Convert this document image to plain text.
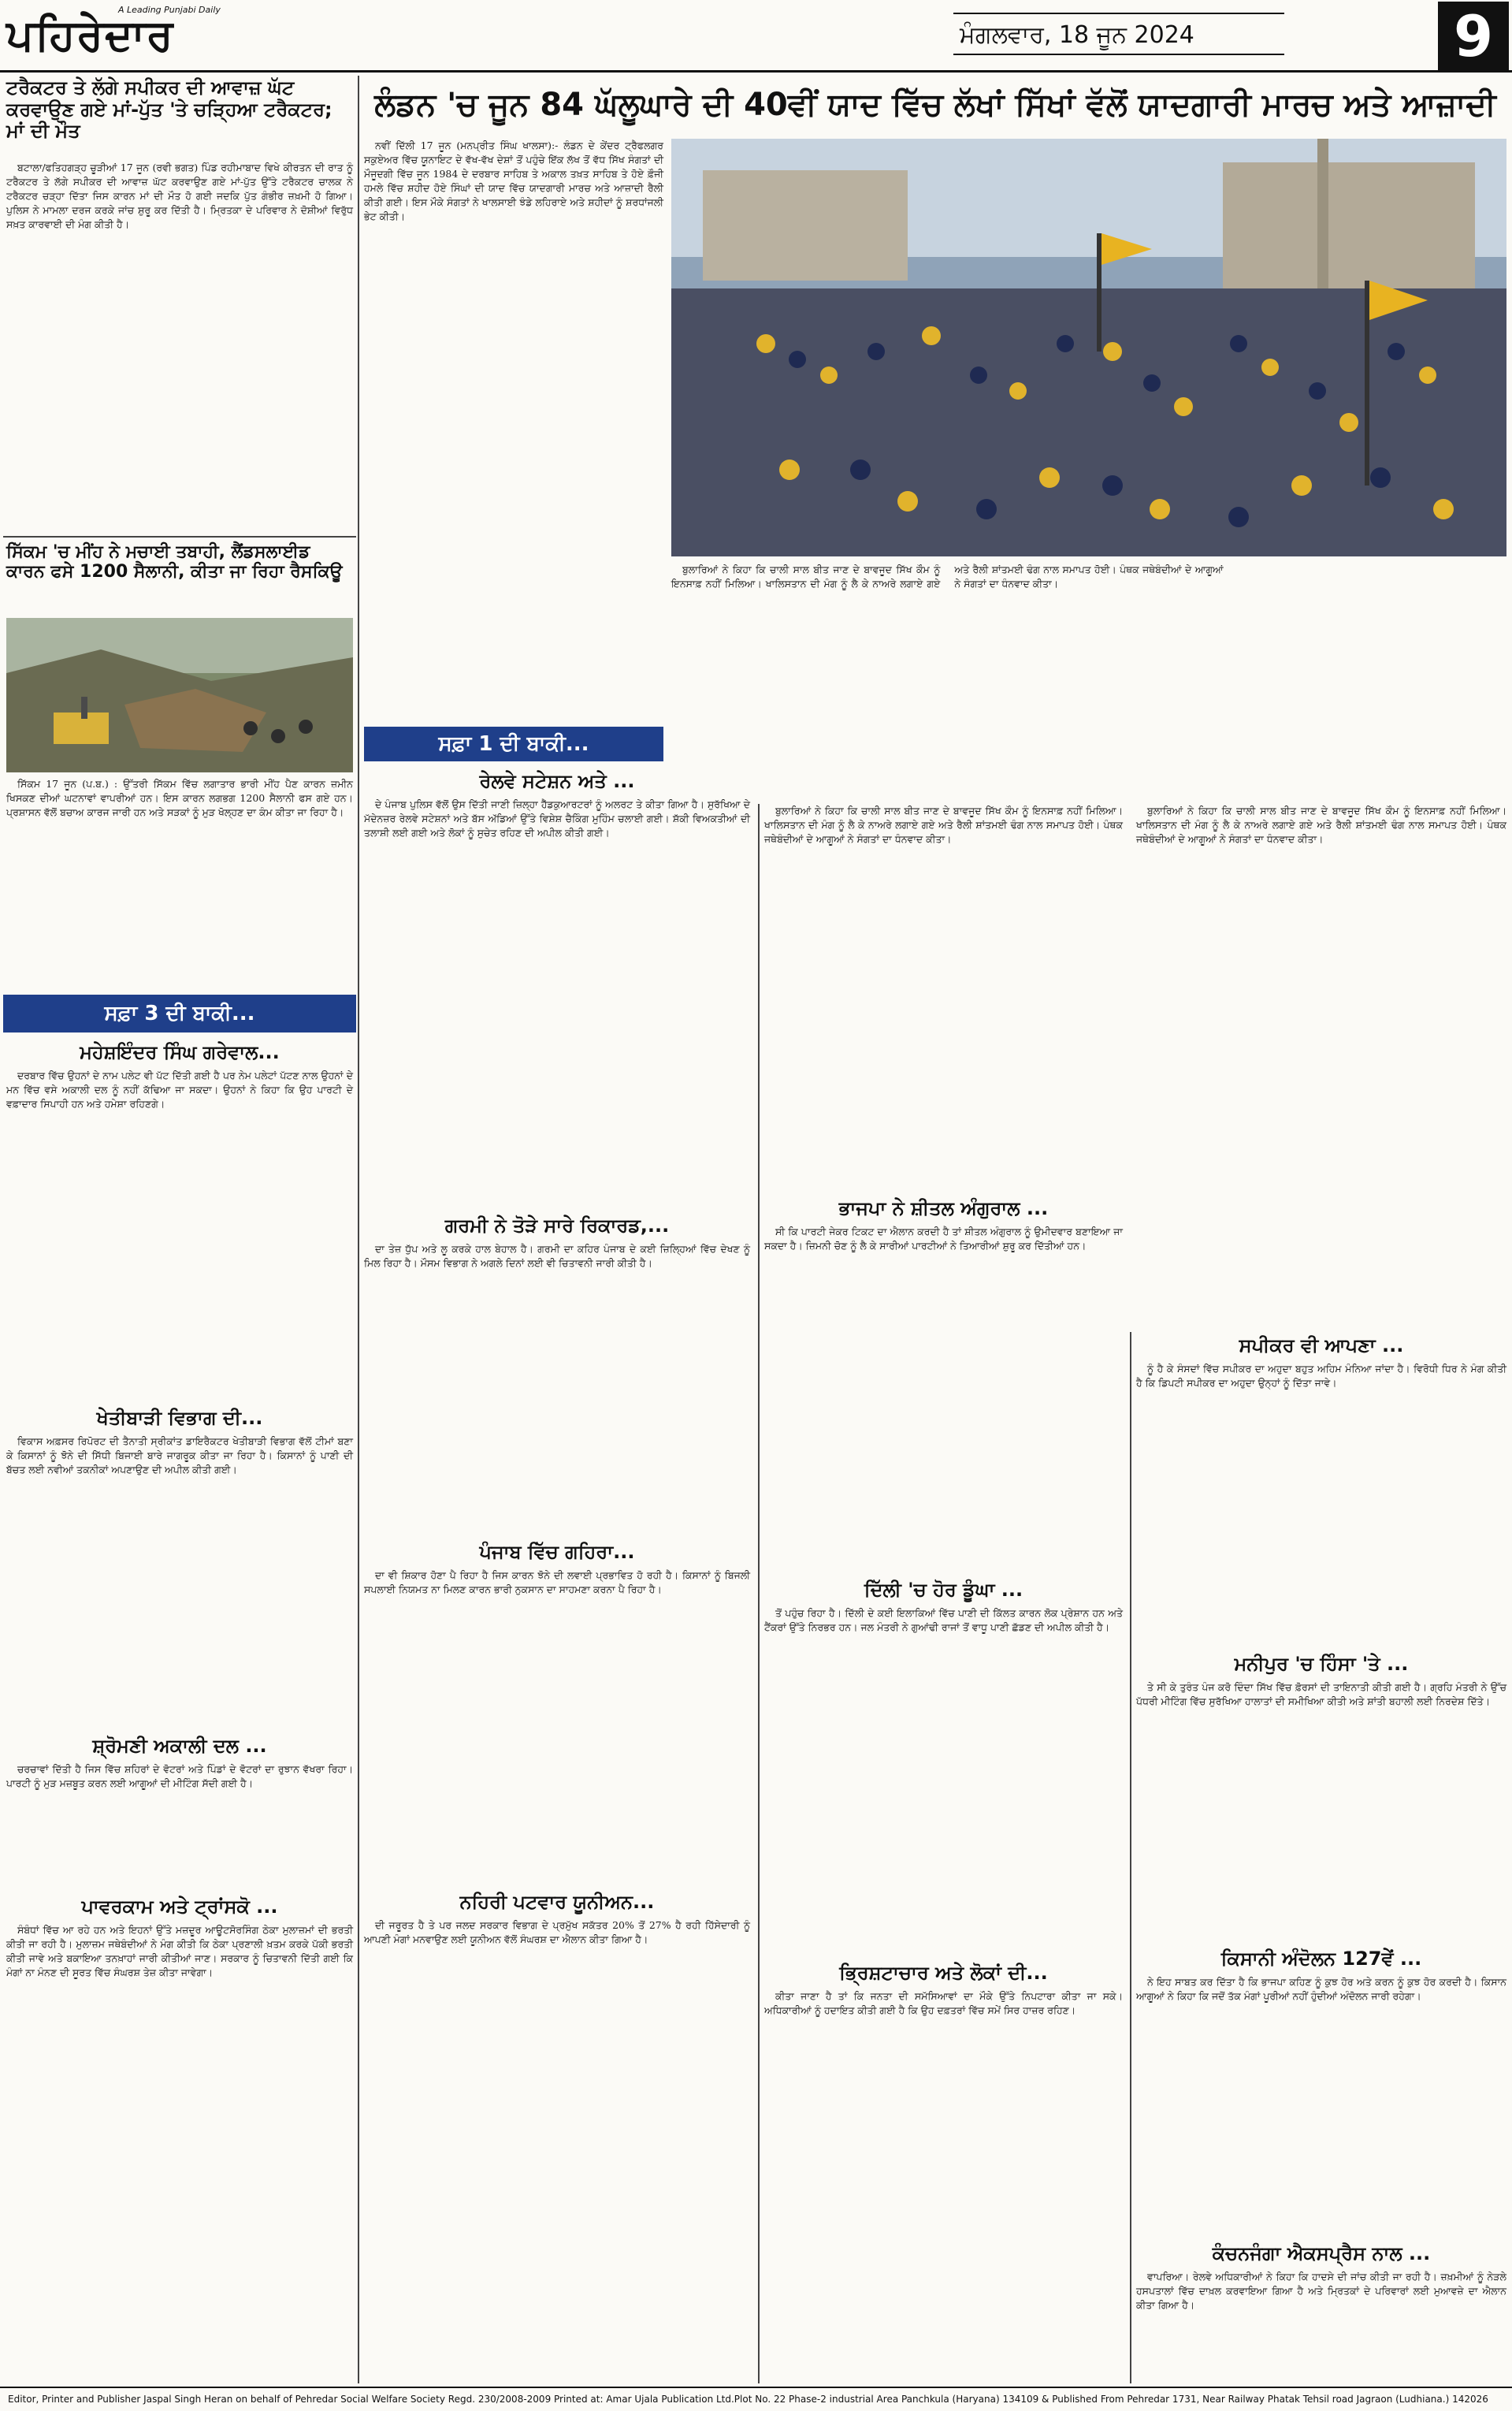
ਪਹਿਰੇਦਾਰ
A Leading Punjabi Daily
ਮੰਗਲਵਾਰ, 18 ਜੂਨ 2024	9
ਟਰੈਕਟਰ ਤੇ ਲੱਗੇ ਸਪੀਕਰ ਦੀ ਆਵਾਜ਼ ਘੱਟ ਕਰਵਾਉਣ ਗਏ ਮਾਂ-ਪੁੱਤ 'ਤੇ ਚੜ੍ਹਿਆ ਟਰੈਕਟਰ; ਮਾਂ ਦੀ ਮੌਤ

ਬਟਾਲਾ/ਫਤਿਹਗੜ੍ਹ ਚੂੜੀਆਂ 17 ਜੂਨ (ਰਵੀ ਭਗਤ) ਪਿੰਡ ਰਹੀਮਾਬਾਦ ਵਿਖੇ ਕੀਰਤਨ ਦੀ ਰਾਤ ਨੂੰ ਟਰੈਕਟਰ ਤੇ ਲੱਗੇ ਸਪੀਕਰ ਦੀ ਆਵਾਜ਼ ਘੱਟ ਕਰਵਾਉਣ ਗਏ ਮਾਂ-ਪੁੱਤ ਉੱਤੇ ਟਰੈਕਟਰ ਚਾਲਕ ਨੇ ਟਰੈਕਟਰ ਚੜ੍ਹਾ ਦਿੱਤਾ ਜਿਸ ਕਾਰਨ ਮਾਂ ਦੀ ਮੌਤ ਹੋ ਗਈ ਜਦਕਿ ਪੁੱਤ ਗੰਭੀਰ ਜ਼ਖ਼ਮੀ ਹੋ ਗਿਆ। ਪੁਲਿਸ ਨੇ ਮਾਮਲਾ ਦਰਜ ਕਰਕੇ ਜਾਂਚ ਸ਼ੁਰੂ ਕਰ ਦਿੱਤੀ ਹੈ। ਮ੍ਰਿਤਕਾ ਦੇ ਪਰਿਵਾਰ ਨੇ ਦੋਸ਼ੀਆਂ ਵਿਰੁੱਧ ਸਖ਼ਤ ਕਾਰਵਾਈ ਦੀ ਮੰਗ ਕੀਤੀ ਹੈ।

ਸਿੱਕਮ 'ਚ ਮੀਂਹ ਨੇ ਮਚਾਈ ਤਬਾਹੀ, ਲੈਂਡਸਲਾਈਡ ਕਾਰਨ ਫਸੇ 1200 ਸੈਲਾਨੀ, ਕੀਤਾ ਜਾ ਰਿਹਾ ਰੈਸਕਿਊ

ਸਿੱਕਮ 17 ਜੂਨ (ਪ.ਬ.) : ਉੱਤਰੀ ਸਿੱਕਮ ਵਿੱਚ ਲਗਾਤਾਰ ਭਾਰੀ ਮੀਂਹ ਪੈਣ ਕਾਰਨ ਜ਼ਮੀਨ ਖਿਸਕਣ ਦੀਆਂ ਘਟਨਾਵਾਂ ਵਾਪਰੀਆਂ ਹਨ। ਇਸ ਕਾਰਨ ਲਗਭਗ 1200 ਸੈਲਾਨੀ ਫਸ ਗਏ ਹਨ। ਪ੍ਰਸ਼ਾਸਨ ਵੱਲੋਂ ਬਚਾਅ ਕਾਰਜ ਜਾਰੀ ਹਨ ਅਤੇ ਸੜਕਾਂ ਨੂੰ ਮੁੜ ਖੋਲ੍ਹਣ ਦਾ ਕੰਮ ਕੀਤਾ ਜਾ ਰਿਹਾ ਹੈ।

ਸਫ਼ਾ 3 ਦੀ ਬਾਕੀ...
ਮਹੇਸ਼ਇੰਦਰ ਸਿੰਘ ਗਰੇਵਾਲ...

ਦਰਬਾਰ ਵਿੱਚ ਉਹਨਾਂ ਦੇ ਨਾਮ ਪਲੇਟ ਵੀ ਪੱਟ ਦਿੱਤੀ ਗਈ ਹੈ ਪਰ ਨੇਮ ਪਲੇਟਾਂ ਪੱਟਣ ਨਾਲ ਉਹਨਾਂ ਦੇ ਮਨ ਵਿੱਚ ਵਸੇ ਅਕਾਲੀ ਦਲ ਨੂੰ ਨਹੀਂ ਕੱਢਿਆ ਜਾ ਸਕਦਾ। ਉਹਨਾਂ ਨੇ ਕਿਹਾ ਕਿ ਉਹ ਪਾਰਟੀ ਦੇ ਵਫ਼ਾਦਾਰ ਸਿਪਾਹੀ ਹਨ ਅਤੇ ਹਮੇਸ਼ਾ ਰਹਿਣਗੇ।

ਖੇਤੀਬਾੜੀ ਵਿਭਾਗ ਦੀ...

ਵਿਕਾਸ ਅਫ਼ਸਰ ਰਿਪੋਰਟ ਦੀ ਤੈਨਾਤੀ ਸ੍ਰੀਕਾਂਤ ਡਾਇਰੈਕਟਰ ਖੇਤੀਬਾੜੀ ਵਿਭਾਗ ਵੱਲੋਂ ਟੀਮਾਂ ਬਣਾ ਕੇ ਕਿਸਾਨਾਂ ਨੂੰ ਝੋਨੇ ਦੀ ਸਿੱਧੀ ਬਿਜਾਈ ਬਾਰੇ ਜਾਗਰੂਕ ਕੀਤਾ ਜਾ ਰਿਹਾ ਹੈ। ਕਿਸਾਨਾਂ ਨੂੰ ਪਾਣੀ ਦੀ ਬੱਚਤ ਲਈ ਨਵੀਆਂ ਤਕਨੀਕਾਂ ਅਪਣਾਉਣ ਦੀ ਅਪੀਲ ਕੀਤੀ ਗਈ।

ਸ਼੍ਰੋਮਣੀ ਅਕਾਲੀ ਦਲ ...

ਚਰਚਾਵਾਂ ਦਿੱਤੀ ਹੈ ਜਿਸ ਵਿੱਚ ਸ਼ਹਿਰਾਂ ਦੇ ਵੋਟਰਾਂ ਅਤੇ ਪਿੰਡਾਂ ਦੇ ਵੋਟਰਾਂ ਦਾ ਰੁਝਾਨ ਵੱਖਰਾ ਰਿਹਾ। ਪਾਰਟੀ ਨੂੰ ਮੁੜ ਮਜ਼ਬੂਤ ਕਰਨ ਲਈ ਆਗੂਆਂ ਦੀ ਮੀਟਿੰਗ ਸੱਦੀ ਗਈ ਹੈ।

ਪਾਵਰਕਾਮ ਅਤੇ ਟ੍ਰਾਂਸਕੋ ...

ਸੰਬੰਧਾਂ ਵਿੱਚ ਆ ਰਹੇ ਹਨ ਅਤੇ ਇਹਨਾਂ ਉੱਤੇ ਮਜ਼ਦੂਰ ਆਊਟਸੋਰਸਿੰਗ ਠੇਕਾ ਮੁਲਾਜ਼ਮਾਂ ਦੀ ਭਰਤੀ ਕੀਤੀ ਜਾ ਰਹੀ ਹੈ। ਮੁਲਾਜ਼ਮ ਜਥੇਬੰਦੀਆਂ ਨੇ ਮੰਗ ਕੀਤੀ ਕਿ ਠੇਕਾ ਪ੍ਰਣਾਲੀ ਖ਼ਤਮ ਕਰਕੇ ਪੱਕੀ ਭਰਤੀ ਕੀਤੀ ਜਾਵੇ ਅਤੇ ਬਕਾਇਆ ਤਨਖ਼ਾਹਾਂ ਜਾਰੀ ਕੀਤੀਆਂ ਜਾਣ। ਸਰਕਾਰ ਨੂੰ ਚਿਤਾਵਨੀ ਦਿੱਤੀ ਗਈ ਕਿ ਮੰਗਾਂ ਨਾ ਮੰਨਣ ਦੀ ਸੂਰਤ ਵਿੱਚ ਸੰਘਰਸ਼ ਤੇਜ਼ ਕੀਤਾ ਜਾਵੇਗਾ।

ਲੰਡਨ 'ਚ ਜੂਨ 84 ਘੱਲੂਘਾਰੇ ਦੀ 40ਵੀਂ ਯਾਦ ਵਿੱਚ ਲੱਖਾਂ ਸਿੱਖਾਂ ਵੱਲੋਂ ਯਾਦਗਾਰੀ ਮਾਰਚ ਅਤੇ ਆਜ਼ਾਦੀ

ਨਵੀਂ ਦਿੱਲੀ 17 ਜੂਨ (ਮਨਪ੍ਰੀਤ ਸਿੰਘ ਖਾਲਸਾ):- ਲੰਡਨ ਦੇ ਕੇਂਦਰ ਟ੍ਰੈਫਲਗਰ ਸਕੁਏਅਰ ਵਿੱਚ ਯੂਨਾਇਟ ਦੇ ਵੱਖ-ਵੱਖ ਦੇਸ਼ਾਂ ਤੋਂ ਪਹੁੰਚੇ ਇੱਕ ਲੱਖ ਤੋਂ ਵੱਧ ਸਿੱਖ ਸੰਗਤਾਂ ਦੀ ਮੌਜੂਦਗੀ ਵਿੱਚ ਜੂਨ 1984 ਦੇ ਦਰਬਾਰ ਸਾਹਿਬ ਤੇ ਅਕਾਲ ਤਖ਼ਤ ਸਾਹਿਬ ਤੇ ਹੋਏ ਫ਼ੌਜੀ ਹਮਲੇ ਵਿੱਚ ਸ਼ਹੀਦ ਹੋਏ ਸਿੰਘਾਂ ਦੀ ਯਾਦ ਵਿੱਚ ਯਾਦਗਾਰੀ ਮਾਰਚ ਅਤੇ ਆਜ਼ਾਦੀ ਰੈਲੀ ਕੀਤੀ ਗਈ। ਇਸ ਮੌਕੇ ਸੰਗਤਾਂ ਨੇ ਖਾਲਸਾਈ ਝੰਡੇ ਲਹਿਰਾਏ ਅਤੇ ਸ਼ਹੀਦਾਂ ਨੂੰ ਸ਼ਰਧਾਂਜਲੀ ਭੇਟ ਕੀਤੀ।

ਬੁਲਾਰਿਆਂ ਨੇ ਕਿਹਾ ਕਿ ਚਾਲੀ ਸਾਲ ਬੀਤ ਜਾਣ ਦੇ ਬਾਵਜੂਦ ਸਿੱਖ ਕੌਮ ਨੂੰ ਇਨਸਾਫ਼ ਨਹੀਂ ਮਿਲਿਆ। ਖਾਲਿਸਤਾਨ ਦੀ ਮੰਗ ਨੂੰ ਲੈ ਕੇ ਨਾਅਰੇ ਲਗਾਏ ਗਏ ਅਤੇ ਰੈਲੀ ਸ਼ਾਂਤਮਈ ਢੰਗ ਨਾਲ ਸਮਾਪਤ ਹੋਈ। ਪੰਥਕ ਜਥੇਬੰਦੀਆਂ ਦੇ ਆਗੂਆਂ ਨੇ ਸੰਗਤਾਂ ਦਾ ਧੰਨਵਾਦ ਕੀਤਾ।

ਸਫ਼ਾ 1 ਦੀ ਬਾਕੀ...
ਰੇਲਵੇ ਸਟੇਸ਼ਨ ਅਤੇ ...

ਦੇ ਪੰਜਾਬ ਪੁਲਿਸ ਵੱਲੋਂ ਉਸ ਦਿੱਤੀ ਜਾਣੀ ਜ਼ਿਲ੍ਹਾ ਹੈੱਡਕੁਆਰਟਰਾਂ ਨੂੰ ਅਲਰਟ ਤੇ ਕੀਤਾ ਗਿਆ ਹੈ। ਸੁਰੱਖਿਆ ਦੇ ਮੱਦੇਨਜ਼ਰ ਰੇਲਵੇ ਸਟੇਸ਼ਨਾਂ ਅਤੇ ਬੱਸ ਅੱਡਿਆਂ ਉੱਤੇ ਵਿਸ਼ੇਸ਼ ਚੈਕਿੰਗ ਮੁਹਿੰਮ ਚਲਾਈ ਗਈ। ਸ਼ੱਕੀ ਵਿਅਕਤੀਆਂ ਦੀ ਤਲਾਸ਼ੀ ਲਈ ਗਈ ਅਤੇ ਲੋਕਾਂ ਨੂੰ ਸੁਚੇਤ ਰਹਿਣ ਦੀ ਅਪੀਲ ਕੀਤੀ ਗਈ।

ਗਰਮੀ ਨੇ ਤੋੜੇ ਸਾਰੇ ਰਿਕਾਰਡ,...

ਦਾ ਤੇਜ਼ ਧੁੱਪ ਅਤੇ ਲੂ ਕਰਕੇ ਹਾਲ ਬੇਹਾਲ ਹੈ। ਗਰਮੀ ਦਾ ਕਹਿਰ ਪੰਜਾਬ ਦੇ ਕਈ ਜ਼ਿਲ੍ਹਿਆਂ ਵਿੱਚ ਦੇਖਣ ਨੂੰ ਮਿਲ ਰਿਹਾ ਹੈ। ਮੌਸਮ ਵਿਭਾਗ ਨੇ ਅਗਲੇ ਦਿਨਾਂ ਲਈ ਵੀ ਚਿਤਾਵਨੀ ਜਾਰੀ ਕੀਤੀ ਹੈ।

ਪੰਜਾਬ ਵਿੱਚ ਗਹਿਰਾ...

ਦਾ ਵੀ ਸ਼ਿਕਾਰ ਹੋਣਾ ਪੈ ਰਿਹਾ ਹੈ ਜਿਸ ਕਾਰਨ ਝੋਨੇ ਦੀ ਲਵਾਈ ਪ੍ਰਭਾਵਿਤ ਹੋ ਰਹੀ ਹੈ। ਕਿਸਾਨਾਂ ਨੂੰ ਬਿਜਲੀ ਸਪਲਾਈ ਨਿਯਮਤ ਨਾ ਮਿਲਣ ਕਾਰਨ ਭਾਰੀ ਨੁਕਸਾਨ ਦਾ ਸਾਹਮਣਾ ਕਰਨਾ ਪੈ ਰਿਹਾ ਹੈ।

ਨਹਿਰੀ ਪਟਵਾਰ ਯੂਨੀਅਨ...

ਦੀ ਜਰੂਰਤ ਹੈ ਤੇ ਪਰ ਜਲਦ ਸਰਕਾਰ ਵਿਭਾਗ ਦੇ ਪ੍ਰਮੁੱਖ ਸਕੱਤਰ 20% ਤੋਂ 27% ਹੈ ਰਹੀ ਹਿੱਸੇਦਾਰੀ ਨੂੰ ਆਪਣੀ ਮੰਗਾਂ ਮਨਵਾਉਣ ਲਈ ਯੂਨੀਅਨ ਵੱਲੋਂ ਸੰਘਰਸ਼ ਦਾ ਐਲਾਨ ਕੀਤਾ ਗਿਆ ਹੈ।

ਬੁਲਾਰਿਆਂ ਨੇ ਕਿਹਾ ਕਿ ਚਾਲੀ ਸਾਲ ਬੀਤ ਜਾਣ ਦੇ ਬਾਵਜੂਦ ਸਿੱਖ ਕੌਮ ਨੂੰ ਇਨਸਾਫ਼ ਨਹੀਂ ਮਿਲਿਆ। ਖਾਲਿਸਤਾਨ ਦੀ ਮੰਗ ਨੂੰ ਲੈ ਕੇ ਨਾਅਰੇ ਲਗਾਏ ਗਏ ਅਤੇ ਰੈਲੀ ਸ਼ਾਂਤਮਈ ਢੰਗ ਨਾਲ ਸਮਾਪਤ ਹੋਈ। ਪੰਥਕ ਜਥੇਬੰਦੀਆਂ ਦੇ ਆਗੂਆਂ ਨੇ ਸੰਗਤਾਂ ਦਾ ਧੰਨਵਾਦ ਕੀਤਾ।

ਭਾਜਪਾ ਨੇ ਸ਼ੀਤਲ ਅੰਗੁਰਾਲ ...

ਸੀ ਕਿ ਪਾਰਟੀ ਜੇਕਰ ਟਿਕਟ ਦਾ ਐਲਾਨ ਕਰਦੀ ਹੈ ਤਾਂ ਸ਼ੀਤਲ ਅੰਗੁਰਾਲ ਨੂੰ ਉਮੀਦਵਾਰ ਬਣਾਇਆ ਜਾ ਸਕਦਾ ਹੈ। ਜ਼ਿਮਨੀ ਚੋਣ ਨੂੰ ਲੈ ਕੇ ਸਾਰੀਆਂ ਪਾਰਟੀਆਂ ਨੇ ਤਿਆਰੀਆਂ ਸ਼ੁਰੂ ਕਰ ਦਿੱਤੀਆਂ ਹਨ।

ਦਿੱਲੀ 'ਚ ਹੋਰ ਡੂੰਘਾ ...

ਤੋਂ ਪਹੁੰਚ ਰਿਹਾ ਹੈ। ਦਿੱਲੀ ਦੇ ਕਈ ਇਲਾਕਿਆਂ ਵਿੱਚ ਪਾਣੀ ਦੀ ਕਿੱਲਤ ਕਾਰਨ ਲੋਕ ਪ੍ਰੇਸ਼ਾਨ ਹਨ ਅਤੇ ਟੈਂਕਰਾਂ ਉੱਤੇ ਨਿਰਭਰ ਹਨ। ਜਲ ਮੰਤਰੀ ਨੇ ਗੁਆਂਢੀ ਰਾਜਾਂ ਤੋਂ ਵਾਧੂ ਪਾਣੀ ਛੱਡਣ ਦੀ ਅਪੀਲ ਕੀਤੀ ਹੈ।

ਭ੍ਰਿਸ਼ਟਾਚਾਰ ਅਤੇ ਲੋਕਾਂ ਦੀ...

ਕੀਤਾ ਜਾਣਾ ਹੈ ਤਾਂ ਕਿ ਜਨਤਾ ਦੀ ਸਮੱਸਿਆਵਾਂ ਦਾ ਮੌਕੇ ਉੱਤੇ ਨਿਪਟਾਰਾ ਕੀਤਾ ਜਾ ਸਕੇ। ਅਧਿਕਾਰੀਆਂ ਨੂੰ ਹਦਾਇਤ ਕੀਤੀ ਗਈ ਹੈ ਕਿ ਉਹ ਦਫ਼ਤਰਾਂ ਵਿੱਚ ਸਮੇਂ ਸਿਰ ਹਾਜ਼ਰ ਰਹਿਣ।

ਬੁਲਾਰਿਆਂ ਨੇ ਕਿਹਾ ਕਿ ਚਾਲੀ ਸਾਲ ਬੀਤ ਜਾਣ ਦੇ ਬਾਵਜੂਦ ਸਿੱਖ ਕੌਮ ਨੂੰ ਇਨਸਾਫ਼ ਨਹੀਂ ਮਿਲਿਆ। ਖਾਲਿਸਤਾਨ ਦੀ ਮੰਗ ਨੂੰ ਲੈ ਕੇ ਨਾਅਰੇ ਲਗਾਏ ਗਏ ਅਤੇ ਰੈਲੀ ਸ਼ਾਂਤਮਈ ਢੰਗ ਨਾਲ ਸਮਾਪਤ ਹੋਈ। ਪੰਥਕ ਜਥੇਬੰਦੀਆਂ ਦੇ ਆਗੂਆਂ ਨੇ ਸੰਗਤਾਂ ਦਾ ਧੰਨਵਾਦ ਕੀਤਾ।

ਸਪੀਕਰ ਵੀ ਆਪਣਾ ...

ਨੂੰ ਹੈ ਕੇ ਸੰਸਦਾਂ ਵਿੱਚ ਸਪੀਕਰ ਦਾ ਅਹੁਦਾ ਬਹੁਤ ਅਹਿਮ ਮੰਨਿਆ ਜਾਂਦਾ ਹੈ। ਵਿਰੋਧੀ ਧਿਰ ਨੇ ਮੰਗ ਕੀਤੀ ਹੈ ਕਿ ਡਿਪਟੀ ਸਪੀਕਰ ਦਾ ਅਹੁਦਾ ਉਨ੍ਹਾਂ ਨੂੰ ਦਿੱਤਾ ਜਾਵੇ।

ਮਨੀਪੁਰ 'ਚ ਹਿੰਸਾ 'ਤੇ ...

ਤੇ ਸੀ ਕੇ ਤੁਰੰਤ ਪੰਜ ਕਰੋ ਦਿੰਦਾ ਸਿੱਖ ਵਿੱਚ ਫ਼ੋਰਸਾਂ ਦੀ ਤਾਇਨਾਤੀ ਕੀਤੀ ਗਈ ਹੈ। ਗ੍ਰਹਿ ਮੰਤਰੀ ਨੇ ਉੱਚ ਪੱਧਰੀ ਮੀਟਿੰਗ ਵਿੱਚ ਸੁਰੱਖਿਆ ਹਾਲਾਤਾਂ ਦੀ ਸਮੀਖਿਆ ਕੀਤੀ ਅਤੇ ਸ਼ਾਂਤੀ ਬਹਾਲੀ ਲਈ ਨਿਰਦੇਸ਼ ਦਿੱਤੇ।

ਕਿਸਾਨੀ ਅੰਦੋਲਨ 127ਵੇਂ ...

ਨੇ ਇਹ ਸਾਬਤ ਕਰ ਦਿੱਤਾ ਹੈ ਕਿ ਭਾਜਪਾ ਕਹਿਣ ਨੂੰ ਕੁਝ ਹੋਰ ਅਤੇ ਕਰਨ ਨੂੰ ਕੁਝ ਹੋਰ ਕਰਦੀ ਹੈ। ਕਿਸਾਨ ਆਗੂਆਂ ਨੇ ਕਿਹਾ ਕਿ ਜਦੋਂ ਤੱਕ ਮੰਗਾਂ ਪੂਰੀਆਂ ਨਹੀਂ ਹੁੰਦੀਆਂ ਅੰਦੋਲਨ ਜਾਰੀ ਰਹੇਗਾ।

ਕੰਚਨਜੰਗਾ ਐਕਸਪ੍ਰੈਸ ਨਾਲ ...

ਵਾਪਰਿਆ। ਰੇਲਵੇ ਅਧਿਕਾਰੀਆਂ ਨੇ ਕਿਹਾ ਕਿ ਹਾਦਸੇ ਦੀ ਜਾਂਚ ਕੀਤੀ ਜਾ ਰਹੀ ਹੈ। ਜ਼ਖ਼ਮੀਆਂ ਨੂੰ ਨੇੜਲੇ ਹਸਪਤਾਲਾਂ ਵਿੱਚ ਦਾਖ਼ਲ ਕਰਵਾਇਆ ਗਿਆ ਹੈ ਅਤੇ ਮ੍ਰਿਤਕਾਂ ਦੇ ਪਰਿਵਾਰਾਂ ਲਈ ਮੁਆਵਜ਼ੇ ਦਾ ਐਲਾਨ ਕੀਤਾ ਗਿਆ ਹੈ।

Editor, Printer and Publisher Jaspal Singh Heran on behalf of Pehredar Social Welfare Society Regd. 230/2008-2009 Printed at: Amar Ujala Publication Ltd.Plot No. 22 Phase-2 industrial Area Panchkula (Haryana) 134109 & Published From Pehredar 1731, Near Railway Phatak Tehsil road Jagraon (Ludhiana.) 142026
